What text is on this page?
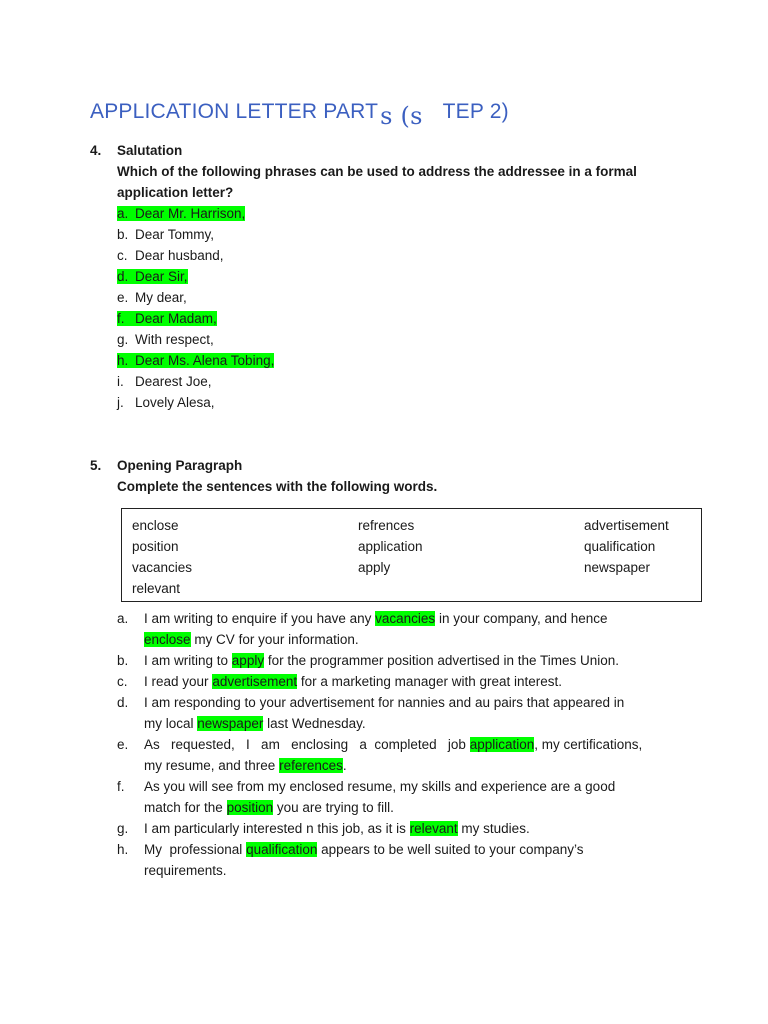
APPLICATION LETTER PARTs (s TEP 2)
4.	Salutation
Which of the following phrases can be used to address the addressee in a formal
application letter?
a. Dear Mr. Harrison,
b. Dear Tommy,
c. Dear husband,
d. Dear Sir,
e. My dear,
f. Dear Madam,
g. With respect,
h. Dear Ms. Alena Tobing,
i. Dearest Joe,
j. Lovely Alesa,
5.	Opening Paragraph
Complete the sentences with the following words.
enclose
position
vacancies
relevant
refrences
application
apply
advertisement
qualification
newspaper
a. I am writing to enquire if you have any vacancies in your company, and hence
enclose my CV for your information.
b. I am writing to apply for the programmer position advertised in the Times Union.
c. I read your advertisement for a marketing manager with great interest.
d. I am responding to your advertisement for nannies and au pairs that appeared in
my local newspaper last Wednesday.
e. As   requested,   I   am   enclosing   a  completed   job application, my certifications,
my resume, and three references.
f. As you will see from my enclosed resume, my skills and experience are a good
match for the position you are trying to fill.
g. I am particularly interested n this job, as it is relevant my studies.
h. My  professional qualification appears to be well suited to your company’s
requirements.
